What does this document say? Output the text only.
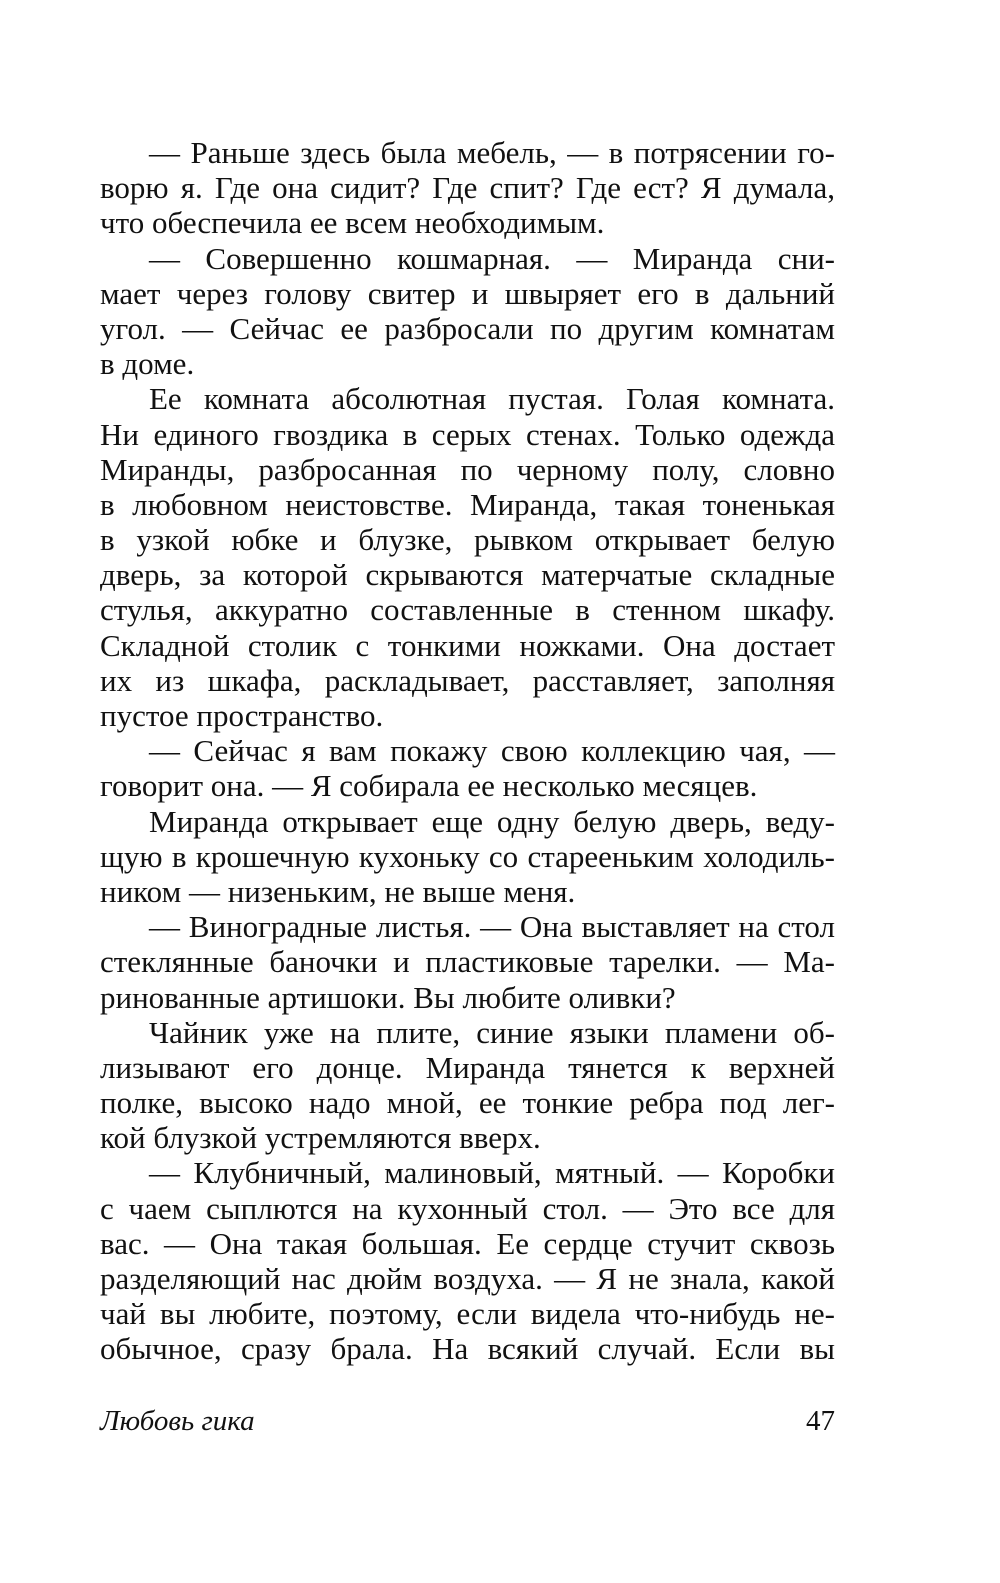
— Раньше здесь была мебель, — в потрясении го-
ворю я. Где она сидит? Где спит? Где ест? Я думала,
что обеспечила ее всем необходимым.
— Совершенно кошмарная. — Миранда сни-
мает через голову свитер и швыряет его в дальний
угол. — Сейчас ее разбросали по другим комнатам
в доме.
Ее комната абсолютная пустая. Голая комната.
Ни единого гвоздика в серых стенах. Только одежда
Миранды, разбросанная по черному полу, словно
в любовном неистовстве. Миранда, такая тоненькая
в узкой юбке и блузке, рывком открывает белую
дверь, за которой скрываются матерчатые складные
стулья, аккуратно составленные в стенном шкафу.
Складной столик с тонкими ножками. Она достает
их из шкафа, раскладывает, расставляет, заполняя
пустое пространство.
— Сейчас я вам покажу свою коллекцию чая, —
говорит она. — Я собирала ее несколько месяцев.
Миранда открывает еще одну белую дверь, веду-
щую в крошечную кухоньку со старееньким холодиль-
ником — низеньким, не выше меня.
— Виноградные листья. — Она выставляет на стол
стеклянные баночки и пластиковые тарелки. — Ма-
ринованные артишоки. Вы любите оливки?
Чайник уже на плите, синие языки пламени об-
лизывают его донце. Миранда тянется к верхней
полке, высоко надо мной, ее тонкие ребра под лег-
кой блузкой устремляются вверх.
— Клубничный, малиновый, мятный. — Коробки
с чаем сыплются на кухонный стол. — Это все для
вас. — Она такая большая. Ее сердце стучит сквозь
разделяющий нас дюйм воздуха. — Я не знала, какой
чай вы любите, поэтому, если видела что-нибудь не-
обычное, сразу брала. На всякий случай. Если вы
Любовь гика	47
